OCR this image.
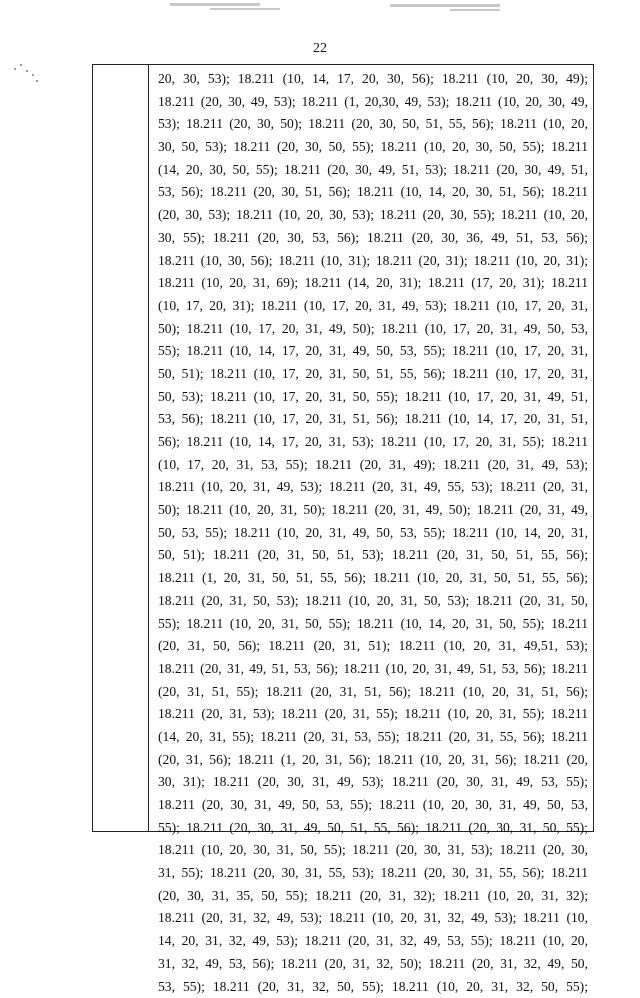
22
20, 30, 53); 18.211 (10, 14, 17, 20, 30, 56); 18.211 (10, 20, 30, 49);
18.211 (20, 30, 49, 53); 18.211 (1, 20,30, 49, 53); 18.211 (10, 20, 30, 49,
53); 18.211 (20, 30, 50); 18.211 (20, 30, 50, 51, 55, 56); 18.211 (10, 20,
30, 50, 53); 18.211 (20, 30, 50, 55); 18.211 (10, 20, 30, 50, 55); 18.211
(14, 20, 30, 50, 55); 18.211 (20, 30, 49, 51, 53); 18.211 (20, 30, 49, 51,
53, 56); 18.211 (20, 30, 51, 56); 18.211 (10, 14, 20, 30, 51, 56); 18.211
(20, 30, 53); 18.211 (10, 20, 30, 53); 18.211 (20, 30, 55); 18.211 (10, 20,
30, 55); 18.211 (20, 30, 53, 56); 18.211 (20, 30, 36, 49, 51, 53, 56);
18.211 (10, 30, 56); 18.211 (10, 31); 18.211 (20, 31); 18.211 (10, 20, 31);
18.211 (10, 20, 31, 69); 18.211 (14, 20, 31); 18.211 (17, 20, 31); 18.211
(10, 17, 20, 31); 18.211 (10, 17, 20, 31, 49, 53); 18.211 (10, 17, 20, 31,
50); 18.211 (10, 17, 20, 31, 49, 50); 18.211 (10, 17, 20, 31, 49, 50, 53,
55); 18.211 (10, 14, 17, 20, 31, 49, 50, 53, 55); 18.211 (10, 17, 20, 31,
50, 51); 18.211 (10, 17, 20, 31, 50, 51, 55, 56); 18.211 (10, 17, 20, 31,
50, 53); 18.211 (10, 17, 20, 31, 50, 55); 18.211 (10, 17, 20, 31, 49, 51,
53, 56); 18.211 (10, 17, 20, 31, 51, 56); 18.211 (10, 14, 17, 20, 31, 51,
56); 18.211 (10, 14, 17, 20, 31, 53); 18.211 (10, 17, 20, 31, 55); 18.211
(10, 17, 20, 31, 53, 55); 18.211 (20, 31, 49); 18.211 (20, 31, 49, 53);
18.211 (10, 20, 31, 49, 53); 18.211 (20, 31, 49, 55, 53); 18.211 (20, 31,
50); 18.211 (10, 20, 31, 50); 18.211 (20, 31, 49, 50); 18.211 (20, 31, 49,
50, 53, 55); 18.211 (10, 20, 31, 49, 50, 53, 55); 18.211 (10, 14, 20, 31,
50, 51); 18.211 (20, 31, 50, 51, 53); 18.211 (20, 31, 50, 51, 55, 56);
18.211 (1, 20, 31, 50, 51, 55, 56); 18.211 (10, 20, 31, 50, 51, 55, 56);
18.211 (20, 31, 50, 53); 18.211 (10, 20, 31, 50, 53); 18.211 (20, 31, 50,
55); 18.211 (10, 20, 31, 50, 55); 18.211 (10, 14, 20, 31, 50, 55); 18.211
(20, 31, 50, 56); 18.211 (20, 31, 51); 18.211 (10, 20, 31, 49,51, 53);
18.211 (20, 31, 49, 51, 53, 56); 18.211 (10, 20, 31, 49, 51, 53, 56); 18.211
(20, 31, 51, 55); 18.211 (20, 31, 51, 56); 18.211 (10, 20, 31, 51, 56);
18.211 (20, 31, 53); 18.211 (20, 31, 55); 18.211 (10, 20, 31, 55); 18.211
(14, 20, 31, 55); 18.211 (20, 31, 53, 55); 18.211 (20, 31, 55, 56); 18.211
(20, 31, 56); 18.211 (1, 20, 31, 56); 18.211 (10, 20, 31, 56); 18.211 (20,
30, 31); 18.211 (20, 30, 31, 49, 53); 18.211 (20, 30, 31, 49, 53, 55);
18.211 (20, 30, 31, 49, 50, 53, 55); 18.211 (10, 20, 30, 31, 49, 50, 53,
55); 18.211 (20, 30, 31, 49, 50, 51, 55, 56); 18.211 (20, 30, 31, 50, 55);
18.211 (10, 20, 30, 31, 50, 55); 18.211 (20, 30, 31, 53); 18.211 (20, 30,
31, 55); 18.211 (20, 30, 31, 55, 53); 18.211 (20, 30, 31, 55, 56); 18.211
(20, 30, 31, 35, 50, 55); 18.211 (20, 31, 32); 18.211 (10, 20, 31, 32);
18.211 (20, 31, 32, 49, 53); 18.211 (10, 20, 31, 32, 49, 53); 18.211 (10,
14, 20, 31, 32, 49, 53); 18.211 (20, 31, 32, 49, 53, 55); 18.211 (10, 20,
31, 32, 49, 53, 56); 18.211 (20, 31, 32, 50); 18.211 (20, 31, 32, 49, 50,
53, 55); 18.211 (20, 31, 32, 50, 55); 18.211 (10, 20, 31, 32, 50, 55);
